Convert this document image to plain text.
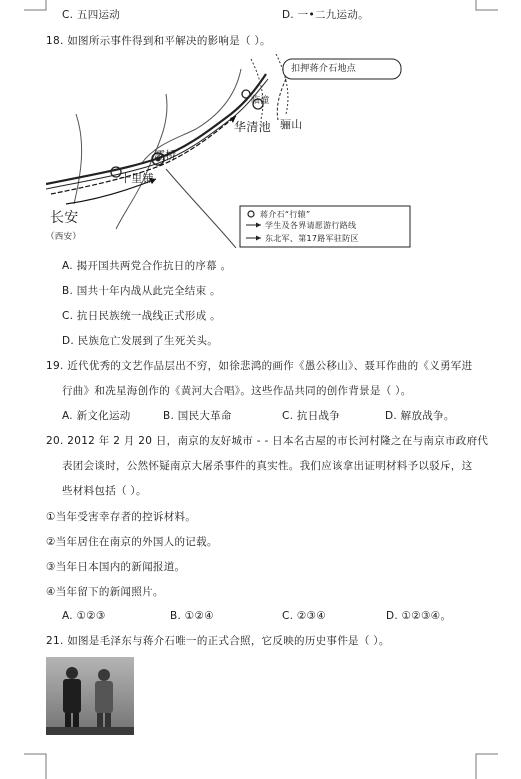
C. 五四运动	D. 一•二九运动。
18. 如图所示事件得到和平解决的影响是（ ）。
扣押蒋介石地点
临潼
华清池 骊山
灞桥
十里铺
长安
（西安）
蒋介石“行辕”
学生及各界请愿游行路线
东北军、第17路军驻防区
A. 揭开国共两党合作抗日的序幕 。
B. 国共十年内战从此完全结束 。
C. 抗日民族统一战线正式形成 。
D. 民族危亡发展到了生死关头。
19. 近代优秀的文艺作品层出不穷，如徐悲鸿的画作《愚公移山》、聂耳作曲的《义勇军进
行曲》和冼星海创作的《黄河大合唱》。这些作品共同的创作背景是（ ）。
A. 新文化运动	B. 国民大革命	C. 抗日战争	D. 解放战争。
20. 2012 年 2 月 20 日，南京的友好城市 - - 日本名古屋的市长河村隆之在与南京市政府代
表团会谈时，公然怀疑南京大屠杀事件的真实性。我们应该拿出证明材料予以驳斥，这
些材料包括（ ）。
①当年受害幸存者的控诉材料。
②当年居住在南京的外国人的记载。
③当年日本国内的新闻报道。
④当年留下的新闻照片。
A. ①②③	B. ①②④	C. ②③④	D. ①②③④。
21. 如图是毛泽东与蒋介石唯一的正式合照，它反映的历史事件是（ ）。
